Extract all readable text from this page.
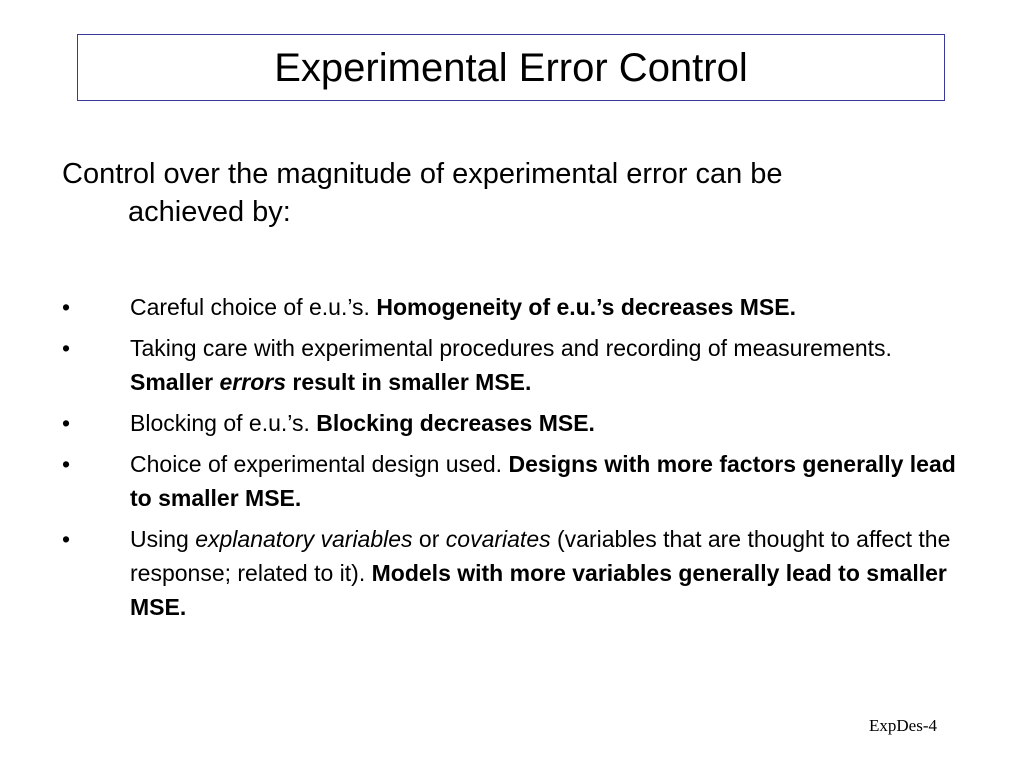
Experimental Error Control
Control over the magnitude of experimental error can be
achieved by:
•	Careful choice of e.u.’s. Homogeneity of e.u.’s decreases MSE.
•	Taking care with experimental procedures and recording of measurements. Smaller errors result in smaller MSE.
•	Blocking of e.u.’s. Blocking decreases MSE.
•	Choice of experimental design used. Designs with more factors generally lead to smaller MSE.
•	Using explanatory variables or covariates (variables that are thought to affect the response; related to it). Models with more variables generally lead to smaller MSE.
ExpDes-4
